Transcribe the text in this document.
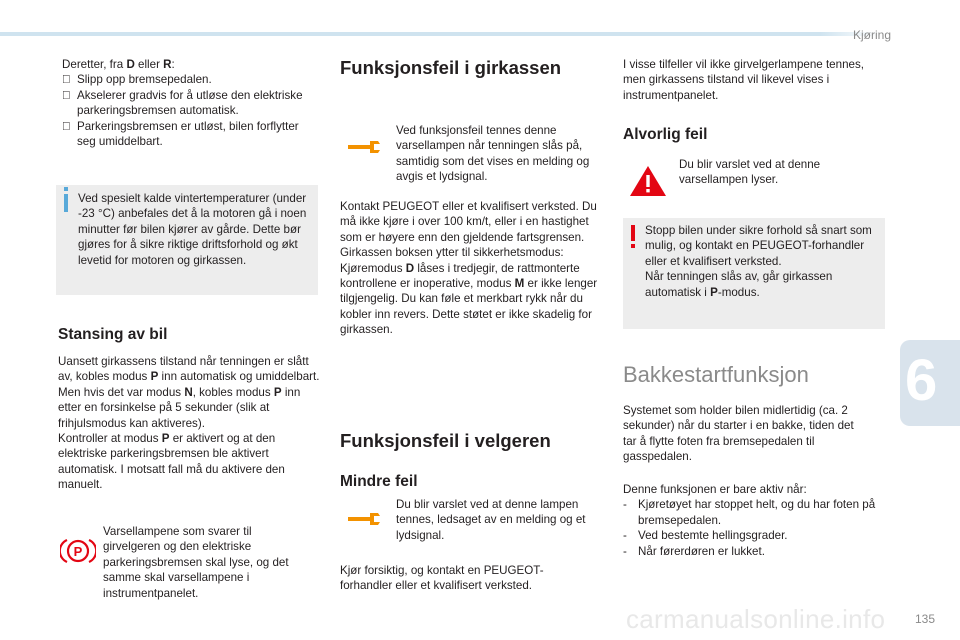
Kjøring
6
135
carmanualsonline.info

Deretter, fra D eller R:

Slipp opp bremsepedalen.
Akselerer gradvis for å utløse den elektriske parkeringsbremsen automatisk.
Parkeringsbremsen er utløst, bilen forflytter seg umiddelbart.
Ved spesielt kalde vintertemperaturer (under -23 °C) anbefales det å la motoren gå i noen minutter før bilen kjører av gårde. Dette bør gjøres for å sikre riktige driftsforhold og økt levetid for motoren og girkassen.
Stansing av bil

Uansett girkassens tilstand når tenningen er slått av, kobles modus P inn automatisk og umiddelbart.

Men hvis det var modus N, kobles modus P inn etter en forsinkelse på 5 sekunder (slik at frihjulsmodus kan aktiveres).

Kontroller at modus P er aktivert og at den elektriske parkeringsbremsen ble aktivert automatisk. I motsatt fall må du aktivere den manuelt.

P
Varsellampene som svarer til girvelgeren og den elektriske parkeringsbremsen skal lyse, og det samme skal varsellampene i instrumentpanelet.
Funksjonsfeil i girkassen
Ved funksjonsfeil tennes denne varsellampen når tenningen slås på, samtidig som det vises en melding og avgis et lydsignal.

Kontakt PEUGEOT eller et kvalifisert verksted. Du må ikke kjøre i over 100 km/t, eller i en hastighet som er høyere enn den gjeldende fartsgrensen.

Girkassen boksen ytter til sikkerhetsmodus:

Kjøremodus D låses i tredjegir, de rattmonterte kontrollene er inoperative, modus M er ikke lenger tilgjengelig. Du kan føle et merkbart rykk når du kobler inn revers. Dette støtet er ikke skadelig for girkassen.

Funksjonsfeil i velgeren
Mindre feil
Du blir varslet ved at denne lampen tennes, ledsaget av en melding og et lydsignal.
Kjør forsiktig, og kontakt en PEUGEOT-forhandler eller et kvalifisert verksted.
I visse tilfeller vil ikke girvelgerlampene tennes, men girkassens tilstand vil likevel vises i instrumentpanelet.
Alvorlig feil
Du blir varslet ved at denne varsellampen lyser.

Stopp bilen under sikre forhold så snart som mulig, og kontakt en PEUGEOT-forhandler eller et kvalifisert verksted.

Når tenningen slås av, går girkassen automatisk i P-modus.

Bakkestartfunksjon
Systemet som holder bilen midlertidig (ca. 2 sekunder) når du starter i en bakke, tiden det tar å flytte foten fra bremsepedalen til gasspedalen.

Denne funksjonen er bare aktiv når:

- Kjøretøyet har stoppet helt, og du har foten på bremsepedalen.
- Ved bestemte hellingsgrader.
- Når førerdøren er lukket.
